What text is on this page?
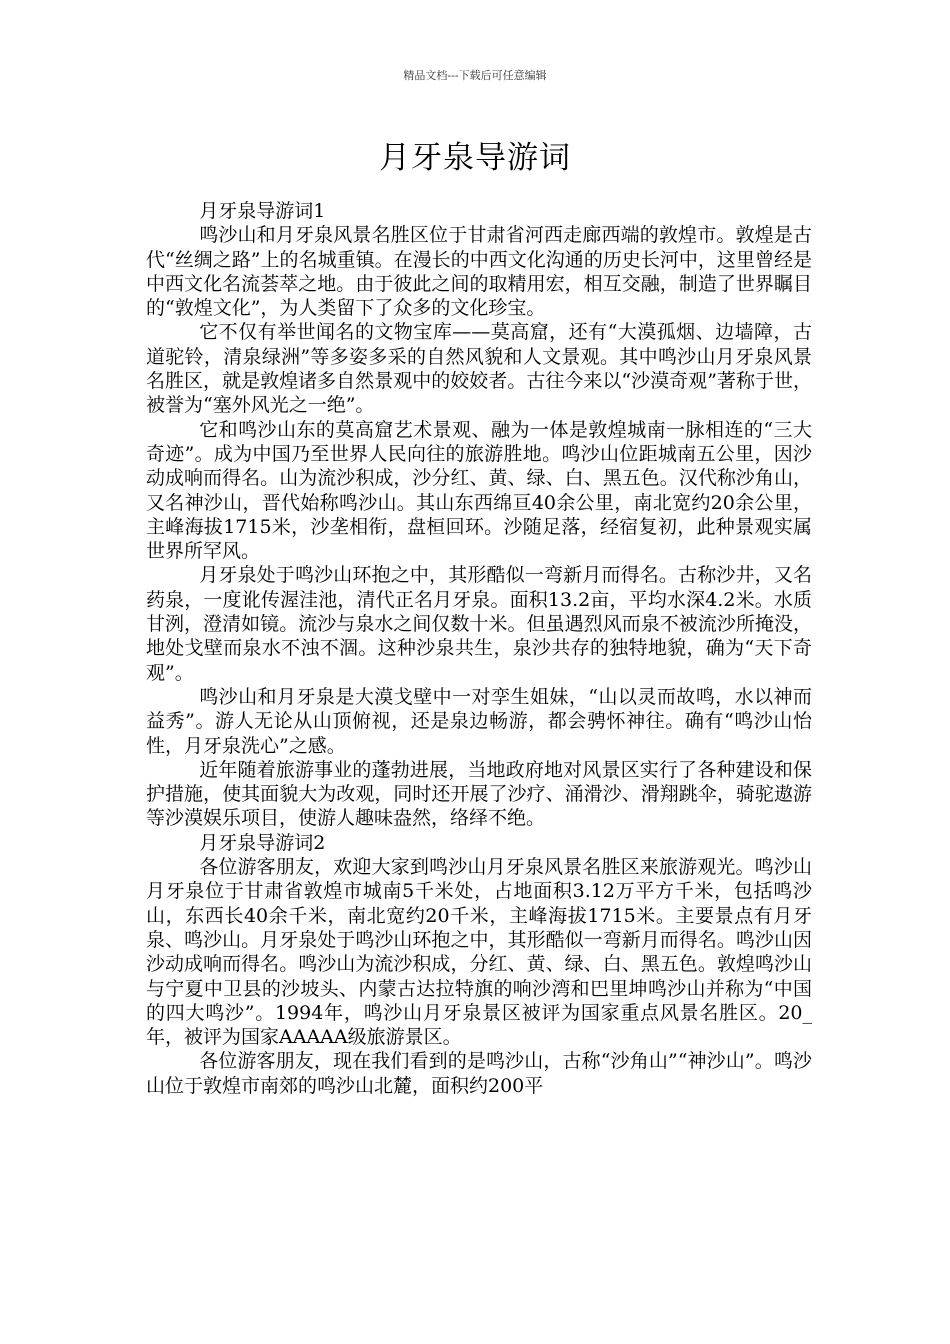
精品文档---下载后可任意编辑
月牙泉导游词

月牙泉导游词1

鸣沙山和月牙泉风景名胜区位于甘肃省河西走廊西端的敦煌市。敦煌是古代“丝绸之路”上的名城重镇。在漫长的中西文化沟通的历史长河中，这里曾经是中西文化名流荟萃之地。由于彼此之间的取精用宏，相互交融，制造了世界瞩目的“敦煌文化”，为人类留下了众多的文化珍宝。

它不仅有举世闻名的文物宝库——莫高窟，还有“大漠孤烟、边墙障，古道驼铃，清泉绿洲”等多姿多采的自然风貌和人文景观。其中鸣沙山月牙泉风景名胜区，就是敦煌诸多自然景观中的姣姣者。古往今来以“沙漠奇观”著称于世，被誉为“塞外风光之一绝”。

它和鸣沙山东的莫高窟艺术景观、融为一体是敦煌城南一脉相连的“三大奇迹”。成为中国乃至世界人民向往的旅游胜地。鸣沙山位距城南五公里，因沙动成响而得名。山为流沙积成，沙分红、黄、绿、白、黑五色。汉代称沙角山，又名神沙山，晋代始称鸣沙山。其山东西绵亘40余公里，南北宽约20余公里，主峰海拔1715米，沙垄相衔，盘桓回环。沙随足落，经宿复初，此种景观实属世界所罕风。

月牙泉处于鸣沙山环抱之中，其形酷似一弯新月而得名。古称沙井，又名药泉，一度讹传渥洼池，清代正名月牙泉。面积13.2亩，平均水深4.2米。水质甘洌，澄清如镜。流沙与泉水之间仅数十米。但虽遇烈风而泉不被流沙所掩没，地处戈壁而泉水不浊不涸。这种沙泉共生，泉沙共存的独特地貌，确为“天下奇观”。

鸣沙山和月牙泉是大漠戈壁中一对孪生姐妹，“山以灵而故鸣，水以神而益秀”。游人无论从山顶俯视，还是泉边畅游，都会骋怀神往。确有“鸣沙山怡性，月牙泉洗心”之感。

近年随着旅游事业的蓬勃进展，当地政府地对风景区实行了各种建设和保护措施，使其面貌大为改观，同时还开展了沙疗、涌滑沙、滑翔跳伞，骑驼遨游等沙漠娱乐项目，使游人趣味盎然，络绎不绝。

月牙泉导游词2

各位游客朋友，欢迎大家到鸣沙山月牙泉风景名胜区来旅游观光。鸣沙山月牙泉位于甘肃省敦煌市城南5千米处，占地面积3.12万平方千米，包括鸣沙山，东西长40余千米，南北宽约20千米，主峰海拔1715米。主要景点有月牙泉、鸣沙山。月牙泉处于鸣沙山环抱之中，其形酷似一弯新月而得名。鸣沙山因沙动成响而得名。鸣沙山为流沙积成，分红、黄、绿、白、黑五色。敦煌鸣沙山与宁夏中卫县的沙坡头、内蒙古达拉特旗的响沙湾和巴里坤鸣沙山并称为“中国的四大鸣沙”。1994年，鸣沙山月牙泉景区被评为国家重点风景名胜区。20_年，被评为国家AAAAA级旅游景区。

各位游客朋友，现在我们看到的是鸣沙山，古称“沙角山”“神沙山”。鸣沙山位于敦煌市南郊的鸣沙山北麓，面积约200平
